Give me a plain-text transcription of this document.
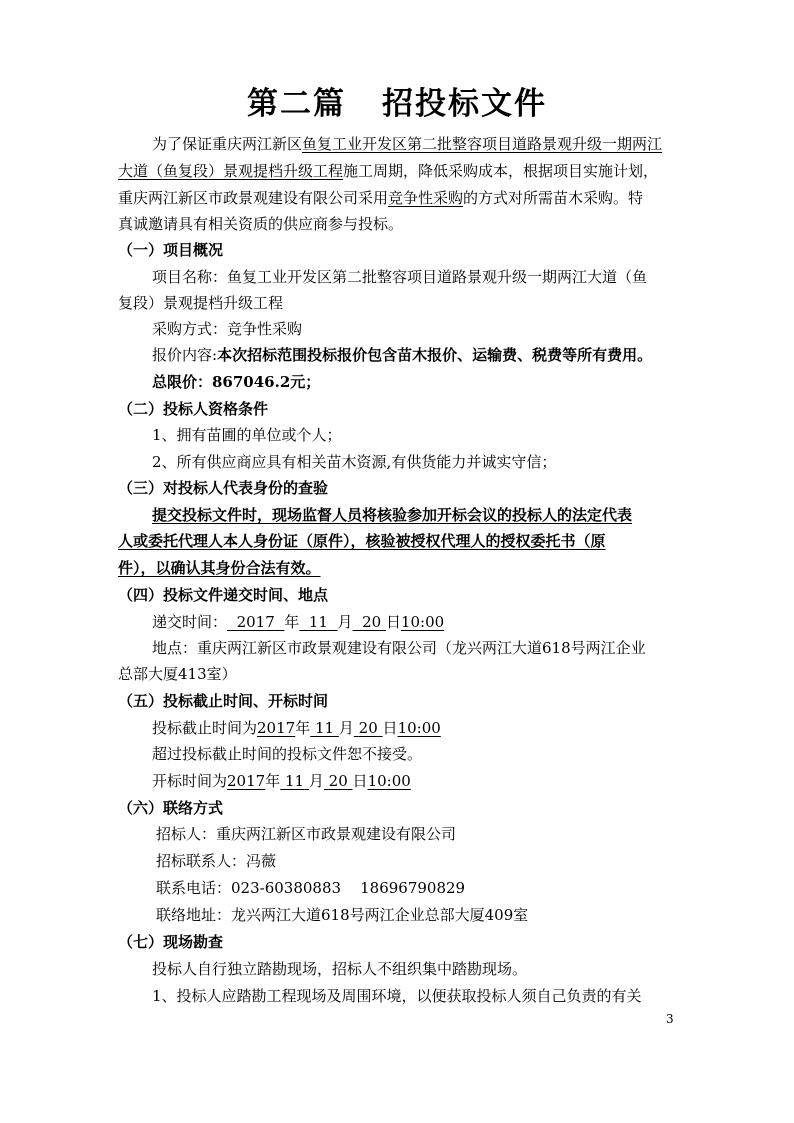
第二篇 招投标文件
为了保证重庆两江新区鱼复工业开发区第二批整容项目道路景观升级一期两江
大道（鱼复段）景观提档升级工程施工周期，降低采购成本，根据项目实施计划，
重庆两江新区市政景观建设有限公司采用竞争性采购的方式对所需苗木采购。特
真诚邀请具有相关资质的供应商参与投标。
（一）项目概况
项目名称：鱼复工业开发区第二批整容项目道路景观升级一期两江大道（鱼
复段）景观提档升级工程
采购方式：竞争性采购
报价内容:本次招标范围投标报价包含苗木报价、运输费、税费等所有费用。
总限价：867046.2元；
（二）投标人资格条件
1、拥有苗圃的单位或个人；
2、所有供应商应具有相关苗木资源,有供货能力并诚实守信；
（三）对投标人代表身份的查验
提交投标文件时，现场监督人员将核验参加开标会议的投标人的法定代表
人或委托代理人本人身份证（原件），核验被授权代理人的授权委托书（原
件），以确认其身份合法有效。
（四）投标文件递交时间、地点
递交时间： 2017 年 11 月 20 日10:00
地点：重庆两江新区市政景观建设有限公司（龙兴两江大道618号两江企业
总部大厦413室）
（五）投标截止时间、开标时间
投标截止时间为2017年 11 月 20 日10:00
超过投标截止时间的投标文件恕不接受。
开标时间为2017年 11 月 20 日10:00
（六）联络方式
招标人：重庆两江新区市政景观建设有限公司
招标联系人：冯薇
联系电话：023-60380883    18696790829
联络地址：龙兴两江大道618号两江企业总部大厦409室
（七）现场勘查
投标人自行独立踏勘现场，招标人不组织集中踏勘现场。
1、投标人应踏勘工程现场及周围环境，以便获取投标人须自己负责的有关
3
